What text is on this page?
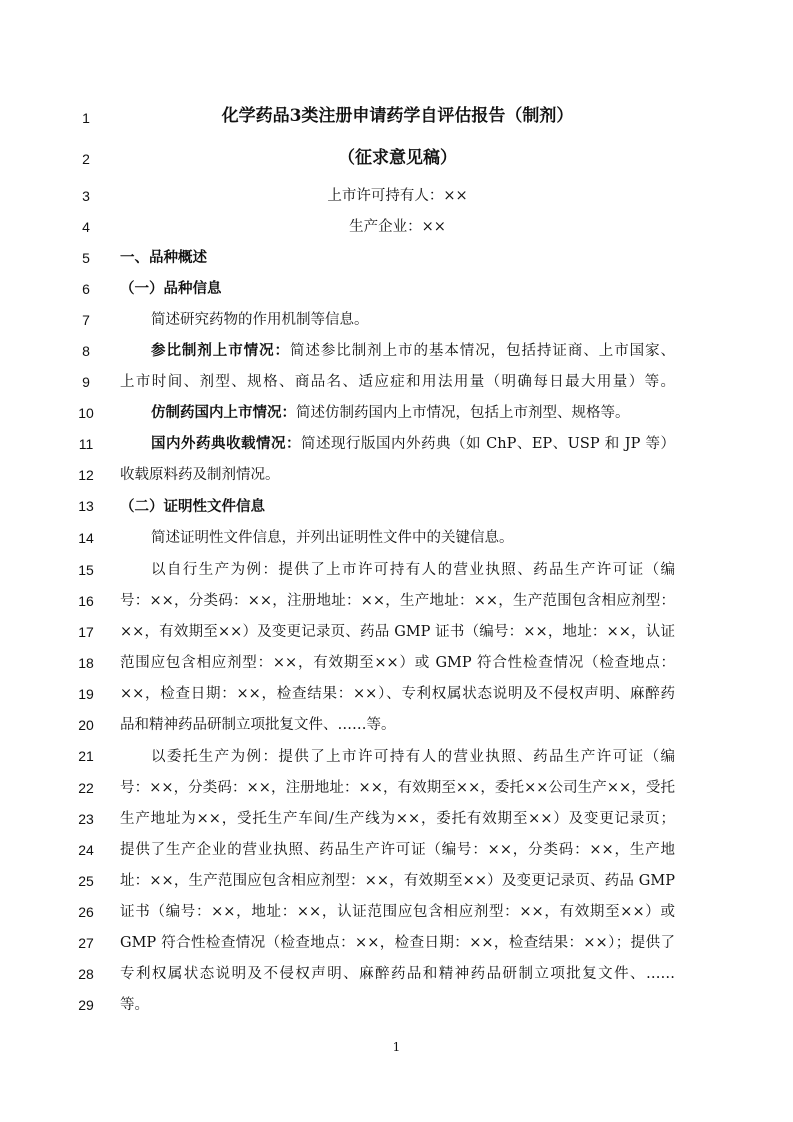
1
2
3
4
5
6
7
8
9
10
11
12
13
14
15
16
17
18
19
20
21
22
23
24
25
26
27
28
29
化学药品3类注册申请药学自评估报告（制剂）
（征求意见稿）
上市许可持有人：××
生产企业：××
一、品种概述
（一）品种信息
简述研究药物的作用机制等信息。
参比制剂上市情况：简述参比制剂上市的基本情况，包括持证商、上市国家、
上市时间、剂型、规格、商品名、适应症和用法用量（明确每日最大用量）等。
仿制药国内上市情况：简述仿制药国内上市情况，包括上市剂型、规格等。
国内外药典收载情况：简述现行版国内外药典（如 ChP、EP、USP 和 JP 等）
收载原料药及制剂情况。
（二）证明性文件信息
简述证明性文件信息，并列出证明性文件中的关键信息。
以自行生产为例：提供了上市许可持有人的营业执照、药品生产许可证（编
号：××，分类码：××，注册地址：××，生产地址：××，生产范围包含相应剂型：
××，有效期至××）及变更记录页、药品 GMP 证书（编号：××，地址：××，认证
范围应包含相应剂型：××，有效期至××）或 GMP 符合性检查情况（检查地点：
××，检查日期：××，检查结果：××）、专利权属状态说明及不侵权声明、麻醉药
品和精神药品研制立项批复文件、……等。
以委托生产为例：提供了上市许可持有人的营业执照、药品生产许可证（编
号：××，分类码：××，注册地址：××，有效期至××，委托××公司生产××，受托
生产地址为××，受托生产车间/生产线为××，委托有效期至××）及变更记录页；
提供了生产企业的营业执照、药品生产许可证（编号：××，分类码：××，生产地
址：××，生产范围应包含相应剂型：××，有效期至××）及变更记录页、药品 GMP
证书（编号：××，地址：××，认证范围应包含相应剂型：××，有效期至××）或
GMP 符合性检查情况（检查地点：××，检查日期：××，检查结果：××）；提供了
专利权属状态说明及不侵权声明、麻醉药品和精神药品研制立项批复文件、……
等。
1
